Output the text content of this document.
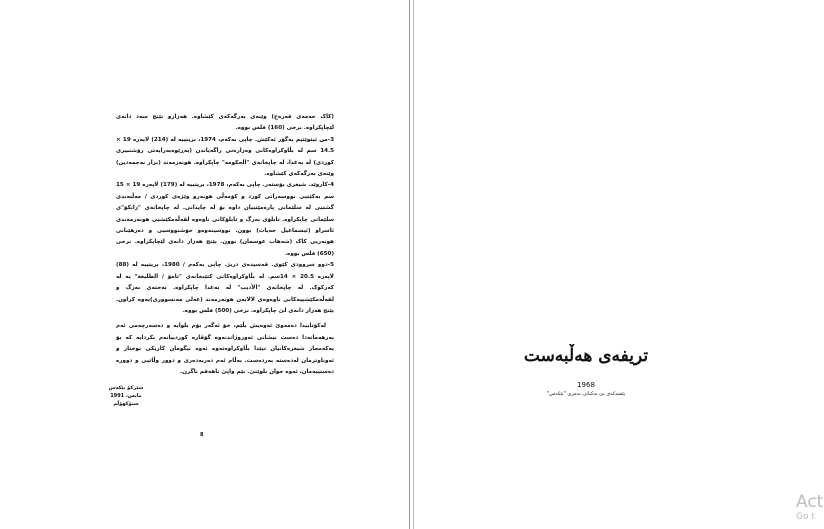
(کاک حەمەی قەرەج) وێنەی بەرگەکەی کێشاوە. هەزارو بێنج سەد دانەی لێچاپکراوە. نرخی (160) فلس بووە.

3-من ئیتوێتیم بەگۆر ئەکێش. چاپی بەکەم، 1974، بریتییە لە (214) لاپەرە 19 × 14.5 سم لە بڵاوکراوەکانی وەزارەتی راگەیاندن (بەڕێوەبەرایەتی رۆشنبیری کوردی) لە بەغدا، لە چاپخانەی "الحکومە" چاپکراوە. هونەرمەند (نزار نەجمەدین) وێنەی بەرگەکەی کێشاوە.

4-کاروێد. شیعری بۆستەر. چاپی بەکەم، 1978، بریتییە لە (179) لاپەرە 19 × 15 سم بەکێتیی نووسەرانی کورد و کۆمەڵی هونەرو وێژەی کوردی / مەڵبەندی گشتیی لە سلێمانی پارەمێتییان داوە بۆ لە چاپدانی. لە چاپخانەی "زانکۆ"ی سلێمانی چاپکراوە. تابلۆی بەرگ و تابلۆکانی ناوەوە لقەڵەمکێشیی هونەرمەندی ئاسراو (ئیسماعیل خەیات) بوون. نووسینەوەو خۆشنووسیی و دەرهێنانی هونەریی کاک (شەهاب عوسمان) بوون. بێنج هەزار دانەی لێچاپکراوە. نرخی (650) فلس بووە.

5-دوو سروودی کێوی. قەسیدەی دریژ. چاپی بەکەم / 1980، بریتییە لە (88) لاپەرە 20.5 × 14سم. لە بڵاوکراوەکانی کتێبخانەی "تامۆ / الطلیعة" یە لە کەرکوک. لە چاپخانەی "الأدیب" لە بەغدا چاپکراوە. تەختەی بەرگ و لقەڵەمکێشییەکانی ناوەوەی لالایەن هونەرمەند (عەلی مەنسووری)یەوە کراون. بێنج هەزار دانەی لێ چاپکراوە. نرخی (500) فلس بووە.

لەکۆتاییدا دەمەوێ ئەوەیش بڵێم، خۆ ئەگەر بۆم بلوایە و دەسەرچەمی ئەم بەرهەمانەدا دەست نیشانی ئەوروژاندنەوە گۆڤارە کوردییانەم بکردایە کە بۆ یەکەمجار شیعرەکانیان تیێدا بڵاوکراوەتەوە ئەوە نیگومان کاریکی بوختار و ئەوناوترمان لەدەستە بەردەست. بەڵام ئەم دەربەدەری و دوور وڵاتیی و دوورە دەستییەمان، ئەوە جوان بلوێنێ. بێم واپێ ناهەقم ناگرن.

شێرکۆ بێکەس
مایس، 1991
ستۆکهۆڵم
8
تریفەی هەڵبەست
1968
پێشەکەی بێ بەکیانی نەمری "بێکەس"
Act
Go t
